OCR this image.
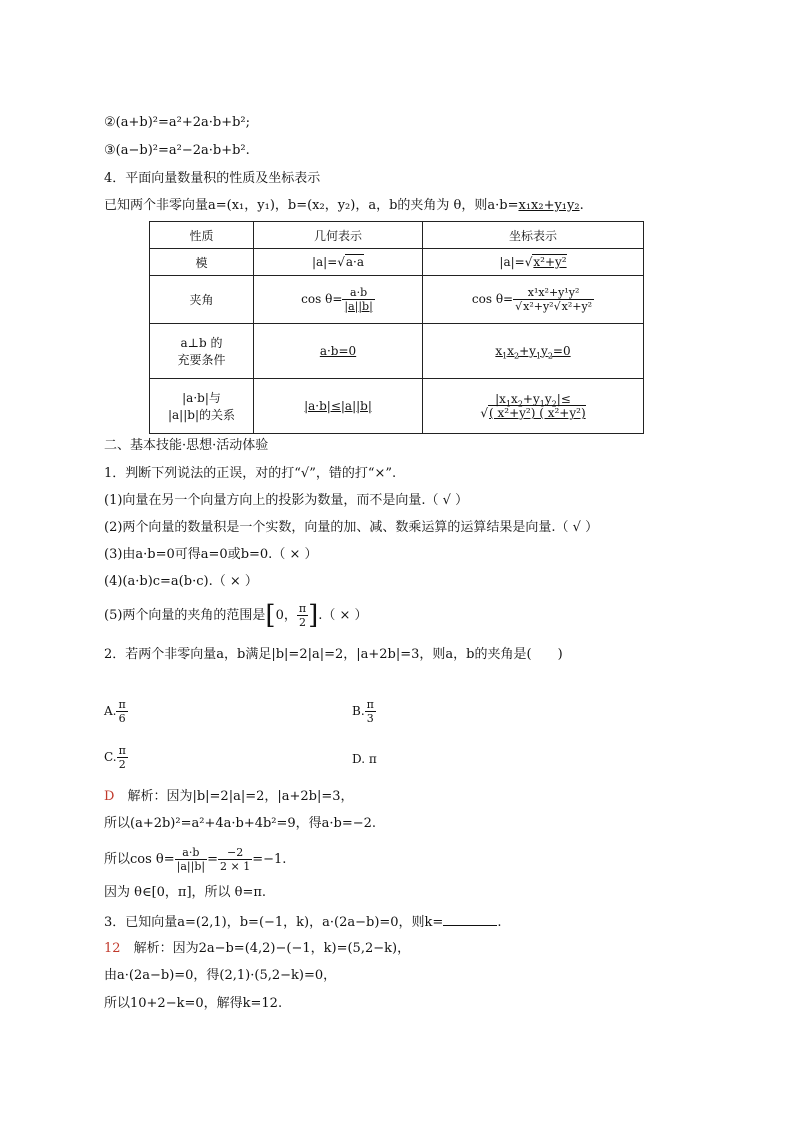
②(a+b)²=a²+2a·b+b²;
③(a−b)²=a²−2a·b+b².
4．平面向量数量积的性质及坐标表示
已知两个非零向量a=(x₁，y₁)，b=(x₂，y₂)，a，b的夹角为 θ，则a·b=x₁x₂+y₁y₂.
性质	几何表示	坐标表示
模	|a|=√a·a	|a|=√x²+y²
夹角	$\cos \theta= \frac{a\cdot b}{|a||b|}$	$\cos \theta= \frac{\text{x¹x²+y¹y²}}{\text{√x²+y²√x²+y²}}$

a⊥b 的
充要条件	a·b=0	$x_1x_2+y_1y_2=0$
|a·b|与
|a||b|的关系	|a·b|≤|a||b|	$|x_1x_2+y_1y_2|\le$
√( x²+y²) ( x²+y²)
二、基本技能·思想·活动体验
1．判断下列说法的正误，对的打“√”，错的打“×”.
(1)向量在另一个向量方向上的投影为数量，而不是向量.（ √ ）
(2)两个向量的数量积是一个实数，向量的加、减、数乘运算的运算结果是向量.（ √ ）
(3)由a·b=0可得a=0或b=0.（ × ）
(4)(a·b)c=a(b·c).（ × ）
(5)两个向量的夹角的范围是[0， $\frac{\pi}{2}$ ].（ × ）
2．若两个非零向量a，b满足|b|=2|a|=2，|a+2b|=3，则a，b的夹角是(　　)
A. $\frac{\pi}{6}$	B. $\frac{\pi}{3}$
C. $\frac{\pi}{2}$	D. π
D　 解析：因为|b|=2|a|=2，|a+2b|=3，
所以(a+2b)²=a²+4a·b+4b²=9，得a·b=−2.
所以$\cos \theta= \frac{a\cdot b}{|a||b|} = \frac{-2}{2 \times 1} =-1$.
因为 θ∈[0，π]，所以 θ=π.
3．已知向量a=(2,1)，b=(−1，k)，a·(2a−b)=0，则k=	.
12　 解析：因为2a−b=(4,2)−(−1，k)=(5,2−k)，
由a·(2a−b)=0，得(2,1)·(5,2−k)=0，
所以10+2−k=0，解得k=12.
